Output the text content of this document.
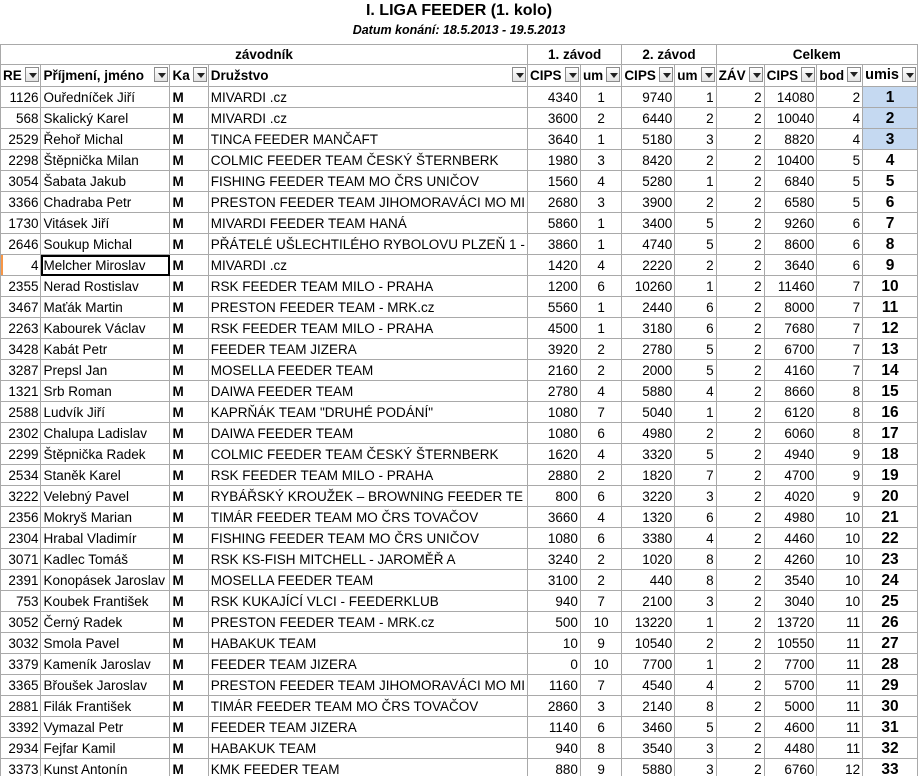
I. LIGA FEEDER (1. kolo)
Datum konání: 18.5.2013 - 19.5.2013
závodník				1. závod		2. závod		Celkem			
RE	Příjmení, jméno	Ka	Družstvo	CIPS	um	CIPS	um	ZÁV	CIPS	bod	umis

1126	Ouředníček Jiří	M	MIVARDI .cz	4340	1	9740	1	2	14080	2	1
568	Skalický Karel	M	MIVARDI .cz	3600	2	6440	2	2	10040	4	2
2529	Řehoř Michal	M	TINCA FEEDER MANČAFT	3640	1	5180	3	2	8820	4	3
2298	Štěpnička Milan	M	COLMIC FEEDER TEAM ČESKÝ ŠTERNBERK	1980	3	8420	2	2	10400	5	4
3054	Šabata Jakub	M	FISHING FEEDER TEAM MO ČRS UNIČOV	1560	4	5280	1	2	6840	5	5
3366	Chadraba Petr	M	PRESTON FEEDER TEAM JIHOMORAVÁCI MO MI	2680	3	3900	2	2	6580	5	6
1730	Vitásek Jiří	M	MIVARDI FEEDER TEAM HANÁ	5860	1	3400	5	2	9260	6	7
2646	Soukup Michal	M	PŘÁTELÉ UŠLECHTILÉHO RYBOLOVU PLZEŇ 1 -	3860	1	4740	5	2	8600	6	8
4	Melcher Miroslav	M	MIVARDI .cz	1420	4	2220	2	2	3640	6	9
2355	Nerad Rostislav	M	RSK FEEDER TEAM MILO - PRAHA	1200	6	10260	1	2	11460	7	10
3467	Maťák Martin	M	PRESTON FEEDER TEAM - MRK.cz	5560	1	2440	6	2	8000	7	11
2263	Kabourek Václav	M	RSK FEEDER TEAM MILO - PRAHA	4500	1	3180	6	2	7680	7	12
3428	Kabát Petr	M	FEEDER TEAM JIZERA	3920	2	2780	5	2	6700	7	13
3287	Prepsl Jan	M	MOSELLA FEEDER TEAM	2160	2	2000	5	2	4160	7	14
1321	Srb Roman	M	DAIWA FEEDER TEAM	2780	4	5880	4	2	8660	8	15
2588	Ludvík Jiří	M	KAPRŇÁK TEAM "DRUHÉ PODÁNÍ"	1080	7	5040	1	2	6120	8	16
2302	Chalupa Ladislav	M	DAIWA FEEDER TEAM	1080	6	4980	2	2	6060	8	17
2299	Štěpnička Radek	M	COLMIC FEEDER TEAM ČESKÝ ŠTERNBERK	1620	4	3320	5	2	4940	9	18
2534	Staněk Karel	M	RSK FEEDER TEAM MILO - PRAHA	2880	2	1820	7	2	4700	9	19
3222	Velebný Pavel	M	RYBÁŘSKÝ KROUŽEK – BROWNING FEEDER TE	800	6	3220	3	2	4020	9	20
2356	Mokryš Marian	M	TIMÁR FEEDER TEAM MO ČRS TOVAČOV	3660	4	1320	6	2	4980	10	21
2304	Hrabal Vladimír	M	FISHING FEEDER TEAM MO ČRS UNIČOV	1080	6	3380	4	2	4460	10	22
3071	Kadlec Tomáš	M	RSK KS-FISH MITCHELL - JAROMĚŘ A	3240	2	1020	8	2	4260	10	23
2391	Konopásek Jaroslav	M	MOSELLA FEEDER TEAM	3100	2	440	8	2	3540	10	24
753	Koubek František	M	RSK KUKAJÍCÍ VLCI - FEEDERKLUB	940	7	2100	3	2	3040	10	25
3052	Černý Radek	M	PRESTON FEEDER TEAM - MRK.cz	500	10	13220	1	2	13720	11	26
3032	Smola Pavel	M	HABAKUK TEAM	10	9	10540	2	2	10550	11	27
3379	Kameník Jaroslav	M	FEEDER TEAM JIZERA	0	10	7700	1	2	7700	11	28
3365	Břoušek Jaroslav	M	PRESTON FEEDER TEAM JIHOMORAVÁCI MO MI	1160	7	4540	4	2	5700	11	29
2881	Filák František	M	TIMÁR FEEDER TEAM MO ČRS TOVAČOV	2860	3	2140	8	2	5000	11	30
3392	Vymazal Petr	M	FEEDER TEAM JIZERA	1140	6	3460	5	2	4600	11	31
2934	Fejfar Kamil	M	HABAKUK TEAM	940	8	3540	3	2	4480	11	32
3373	Kunst Antonín	M	KMK FEEDER TEAM	880	9	5880	3	2	6760	12	33
